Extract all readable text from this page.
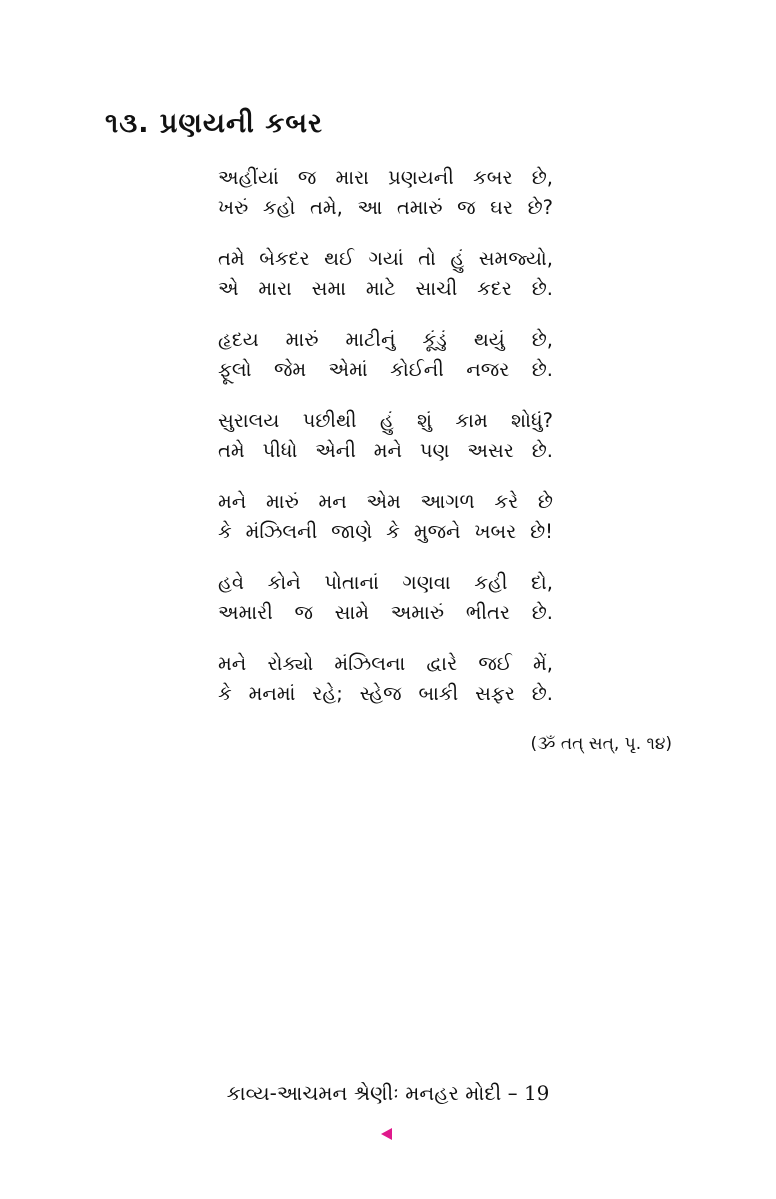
૧૩. પ્રણયની કબર
અહીંયાં જ મારા પ્રણયની કબર છે,
ખરું કહો તમે, આ તમારું જ ઘર છે?
તમે બેકદર થઈ ગયાં તો હું સમજ્યો,
એ મારા સમા માટે સાચી કદર છે.
હૃદય મારું માટીનું કૂંડું થયું છે,
ફૂલો જેમ એમાં કોઈની નજર છે.
સુરાલય પછીથી હું શું કામ શોધું?
તમે પીધો એની મને પણ અસર છે.
મને મારું મન એમ આગળ કરે છે
કે મંઝિલની જાણે કે મુજને ખબર છે!
હવે કોને પોતાનાં ગણવા કહી દો,
અમારી જ સામે અમારું ભીતર છે.
મને રોક્યો મંઝિલના દ્વારે જઈ મેં,
કે મનમાં રહે; સ્હેજ બાકી સફર છે.
(ૐ તત્ સત્, પૃ. ૧૪)
કાવ્ય-આચમન શ્રેણીઃ મનહર મોદી – 19
